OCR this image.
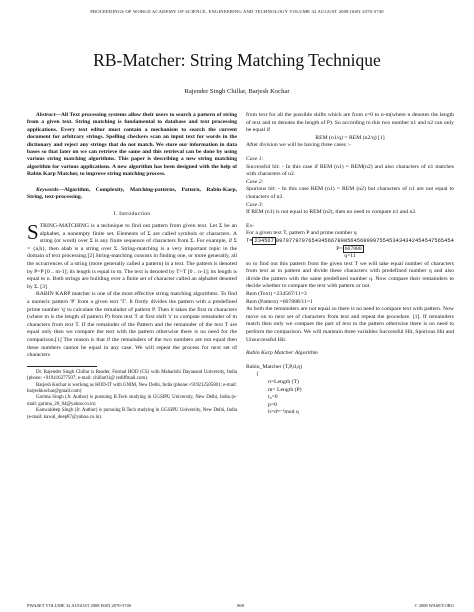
PROCEEDINGS OF WORLD ACADEMY OF SCIENCE, ENGINEERING AND TECHNOLOGY VOLUME 32 AUGUST 2008 ISSN 2070-3740
RB-Matcher: String Matching Technique
Rajender Singh Chillar, Barjesh Kochar

Abstract—All Text processing systems allow their users to search a pattern of string from a given text. String matching is fundamental to database and text processing applications. Every text editor must contain a mechanism to search the current document for arbitrary strings. Spelling checkers scan an input text for words in the dictionary and reject any strings that do not match. We store our information in data bases so that later on we can retrieve the same and this retrieval can be done by using various string matching algorithms. This paper is describing a new string matching algorithm for various applications. A new algorithm has been designed with the help of Rabin Karp Matcher, to improve string matching process.

Keywords—Algorithm, Complexity, Matching-patterns, Pattern, Rabin-Karp, String, text-processing.

I. Introduction

STRING-MATCHING is a technique to find out pattern from given text. Let Σ be an alphabet, a nonempty finite set. Elements of Σ are called symbols or characters. A string (or word) over Σ is any finite sequence of characters from Σ. For example, if Σ = {a,b}, then abab is a string over Σ. String-matching is a very important topic in the domain of text processing.[2] String-matching consists in finding one, or more generally, all the occurrences of a string (more generally called a pattern) in a text. The pattern is denoted by P=P [0 .. m-1]; its length is equal to m. The text is denoted by T=T [0 .. n-1]; its length is equal to n. Both strings are building over a finite set of character called an alphabet denoted by Σ. [3]

RABIN KARP matcher is one of the most effective string matching algorithms. To find a numeric pattern 'P' from a given text 'T'. It firstly divides the pattern with a predefined prime number 'q' to calculate the remainder of pattern P. Then it takes the first m characters (where m is the length of pattern P) from text T at first shift 's' to compute remainder of m characters from text T. If the remainder of the Pattern and the remainder of the text T are equal only then we compare the text with the pattern otherwise there is no need for the comparison.[1] The reason is that if the remainders of the two numbers are not equal then these numbers cannot be equal in any case. We will repeat the process for next set of characters

Dr. Rajender Singh Chillar is Reader, Formal HOD (CS) with Maharishi Dayanand University, India (phone: +919416277507; e-mail: chillar01@ rediffmail.com).

Barjesh Kochar is working as HOD-IT with GNIM, New Delhi, India (phone:+919212505801; e-mail: barjeshkochar@gmail.com)

Garima Singh (Jr. Author) is pursuing B.Tech studying in GGSIPU University, New Delhi, India (e-mail: garima_20_04@yahoo.co.in)

Kanwaldeep Singh (Jr. Author) is pursuing B.Tech studying in GGSIPU University, New Delhi, India (e-mail: kawal_deep87@yahoo.co.in).

from text for all the possible shifts which are from s=0 to n-m(where n denotes the length of text and m denotes the length of P). So according to this two number n1 and n2 can only be equal if

REM (n1/q) = REM (n2/q) [1]

After division we will be having three cases :-

Case 1:

Successful hit: - In this case if REM (n1) = REM(n2) and also characters of n1 matches with characters of n2.

Case 2:

Spurious hit: - In this case REM (n1) = REM (n2) but characters of n1 are not equal to characters of n2.

Case 3:

If REM (n1) is not equal to REM (n2), then no need to compare n1 and n2.

Ex-

For a given text T, pattern P and prime number q

T= 234567 8979779797654345667890564568909755453434342454547565454

P= 667888

q=11

so to find out this pattern from the given text T we will take equal number of characters from text as in pattern and divide these characters with predefined number q and also divide the pattern with the same predefined number q. Now compare their remainders to decide whether to compare the text with pattern or not.

Rem (Text) =234567/11=3

Rem (Pattern) =667888/11=1

As both the remainders are not equal so there is no need to compare text with pattern. Now move on to next set of characters from text and repeat the procedure. [1]. If remainders match then only we compare the part of text to the pattern otherwise there is no need to perform the comparison. We will maintain three variables Successful Hit, Spurious Hit and Unsuccessful Hit.

Rabin Karp Matcher Algorithm

Rabin_Matcher (T,P,d,q)

{

n=Length (T)

m= Length (P)

t₀=0

p=0

h=dᵐ⁻¹mod q

PWASET VOLUME 32 AUGUST 2008 ISSN 2070-3740	868	© 2008 WASET.ORG
